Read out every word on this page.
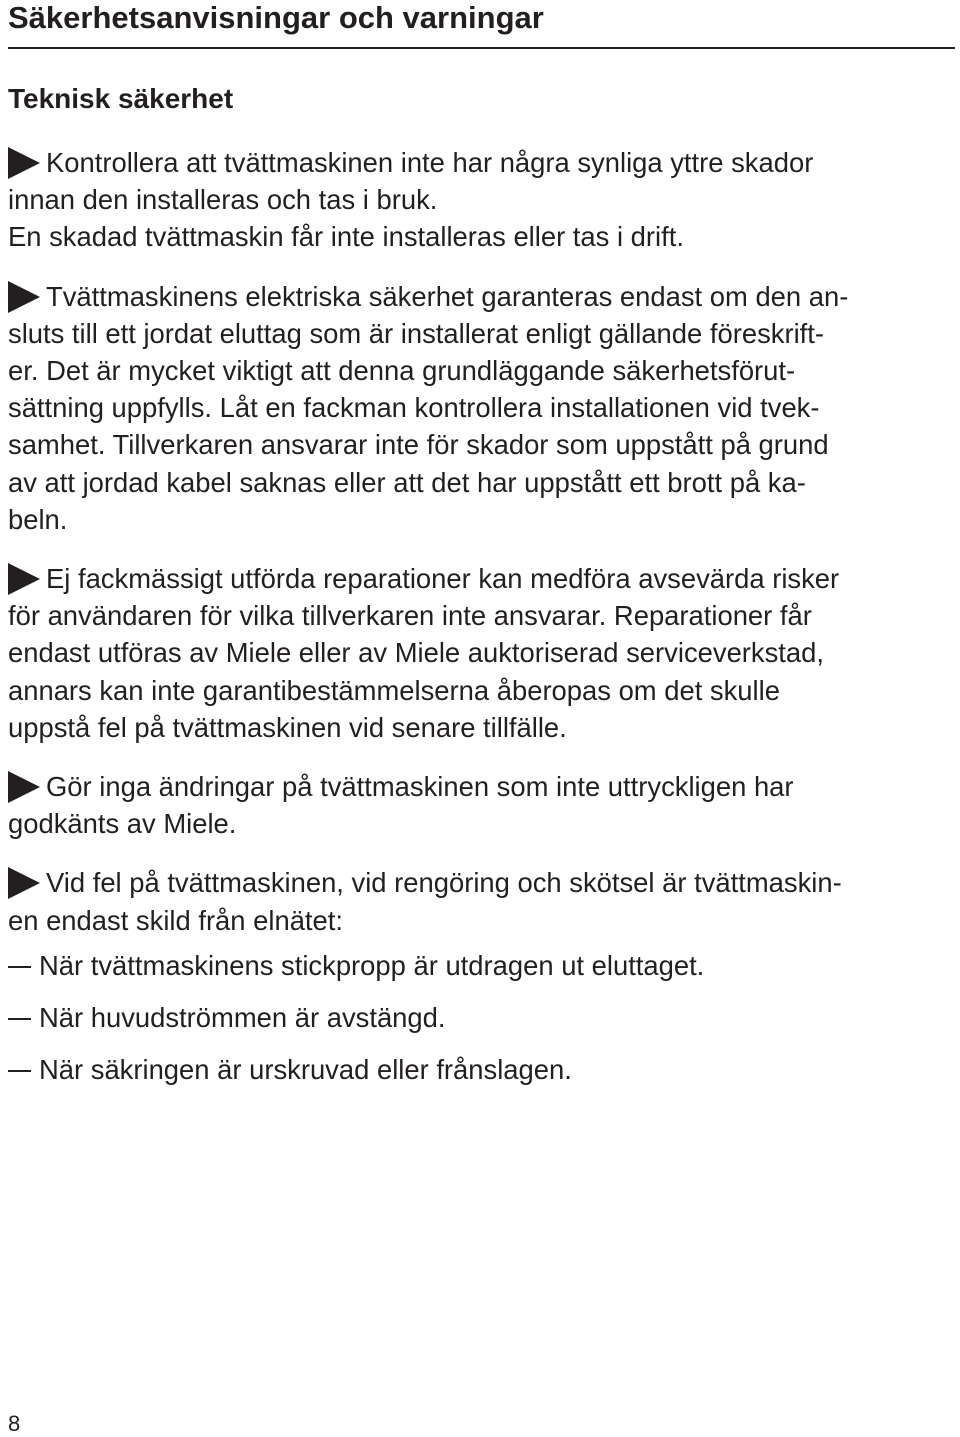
Säkerhetsanvisningar och varningar
Teknisk säkerhet

Kontrollera att tvättmaskinen inte har några synliga yttre skador
innan den installeras och tas i bruk.
En skadad tvättmaskin får inte installeras eller tas i drift.

Tvättmaskinens elektriska säkerhet garanteras endast om den an-
sluts till ett jordat eluttag som är installerat enligt gällande föreskrift-
er. Det är mycket viktigt att denna grundläggande säkerhetsförut-
sättning uppfylls. Låt en fackman kontrollera installationen vid tvek-
samhet. Tillverkaren ansvarar inte för skador som uppstått på grund
av att jordad kabel saknas eller att det har uppstått ett brott på ka-
beln.

Ej fackmässigt utförda reparationer kan medföra avsevärda risker
för användaren för vilka tillverkaren inte ansvarar. Reparationer får
endast utföras av Miele eller av Miele auktoriserad serviceverkstad,
annars kan inte garantibestämmelserna åberopas om det skulle
uppstå fel på tvättmaskinen vid senare tillfälle.

Gör inga ändringar på tvättmaskinen som inte uttryckligen har
godkänts av Miele.

Vid fel på tvättmaskinen, vid rengöring och skötsel är tvättmaskin-
en endast skild från elnätet:

När tvättmaskinens stickpropp är utdragen ut eluttaget.
När huvudströmmen är avstängd.
När säkringen är urskruvad eller frånslagen.
8
